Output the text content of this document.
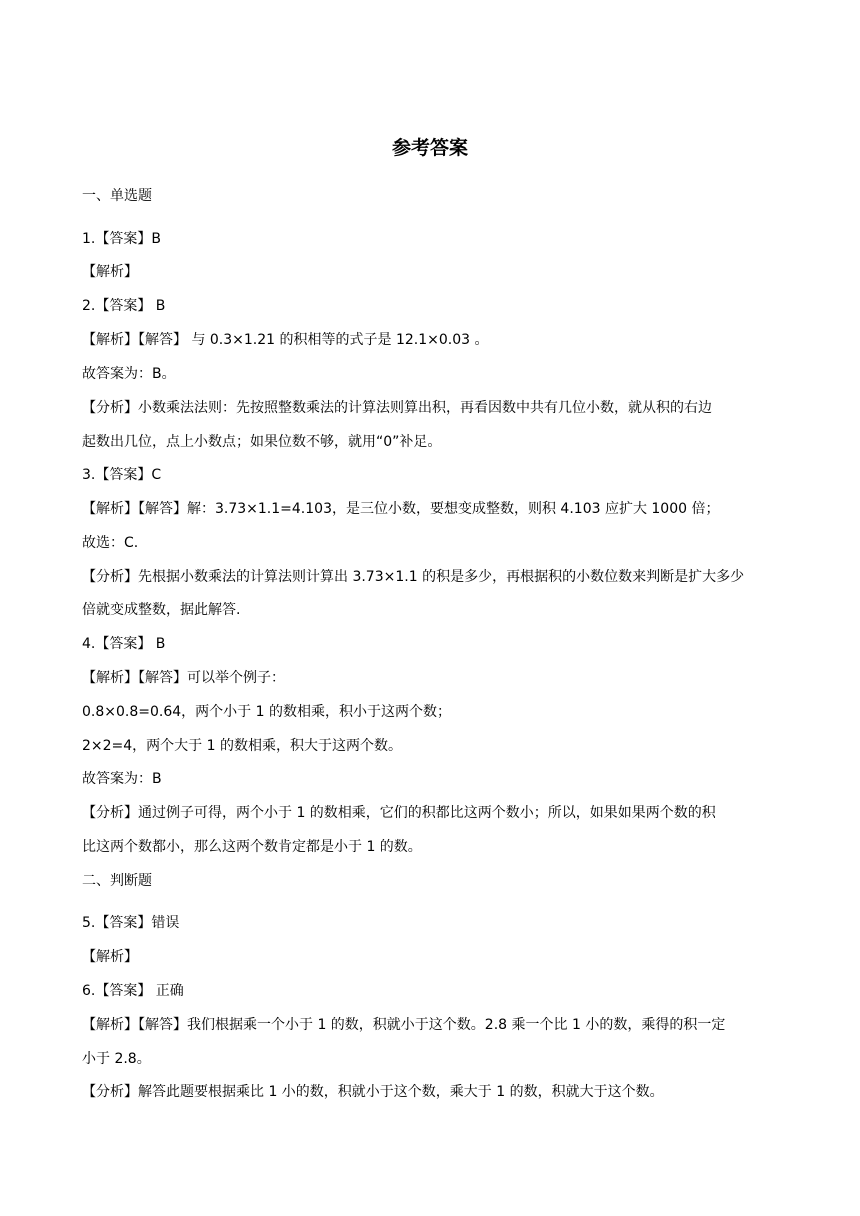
参考答案
一、单选题
1.【答案】B
【解析】
2.【答案】 B
【解析】【解答】 与 0.3×1.21 的积相等的式子是 12.1×0.03 。
故答案为：B。
【分析】小数乘法法则：先按照整数乘法的计算法则算出积，再看因数中共有几位小数，就从积的右边
起数出几位，点上小数点；如果位数不够，就用“0”补足。
3.【答案】C
【解析】【解答】解：3.73×1.1=4.103，是三位小数，要想变成整数，则积 4.103 应扩大 1000 倍；
故选：C.
【分析】先根据小数乘法的计算法则计算出 3.73×1.1 的积是多少，再根据积的小数位数来判断是扩大多少
倍就变成整数，据此解答.
4.【答案】 B
【解析】【解答】可以举个例子：
0.8×0.8=0.64，两个小于 1 的数相乘，积小于这两个数；
2×2=4，两个大于 1 的数相乘，积大于这两个数。
故答案为：B
【分析】通过例子可得，两个小于 1 的数相乘，它们的积都比这两个数小；所以，如果如果两个数的积
比这两个数都小，那么这两个数肯定都是小于 1 的数。
二、判断题
5.【答案】错误
【解析】
6.【答案】 正确
【解析】【解答】我们根据乘一个小于 1 的数，积就小于这个数。2.8 乘一个比 1 小的数，乘得的积一定
小于 2.8。
【分析】解答此题要根据乘比 1 小的数，积就小于这个数，乘大于 1 的数，积就大于这个数。
